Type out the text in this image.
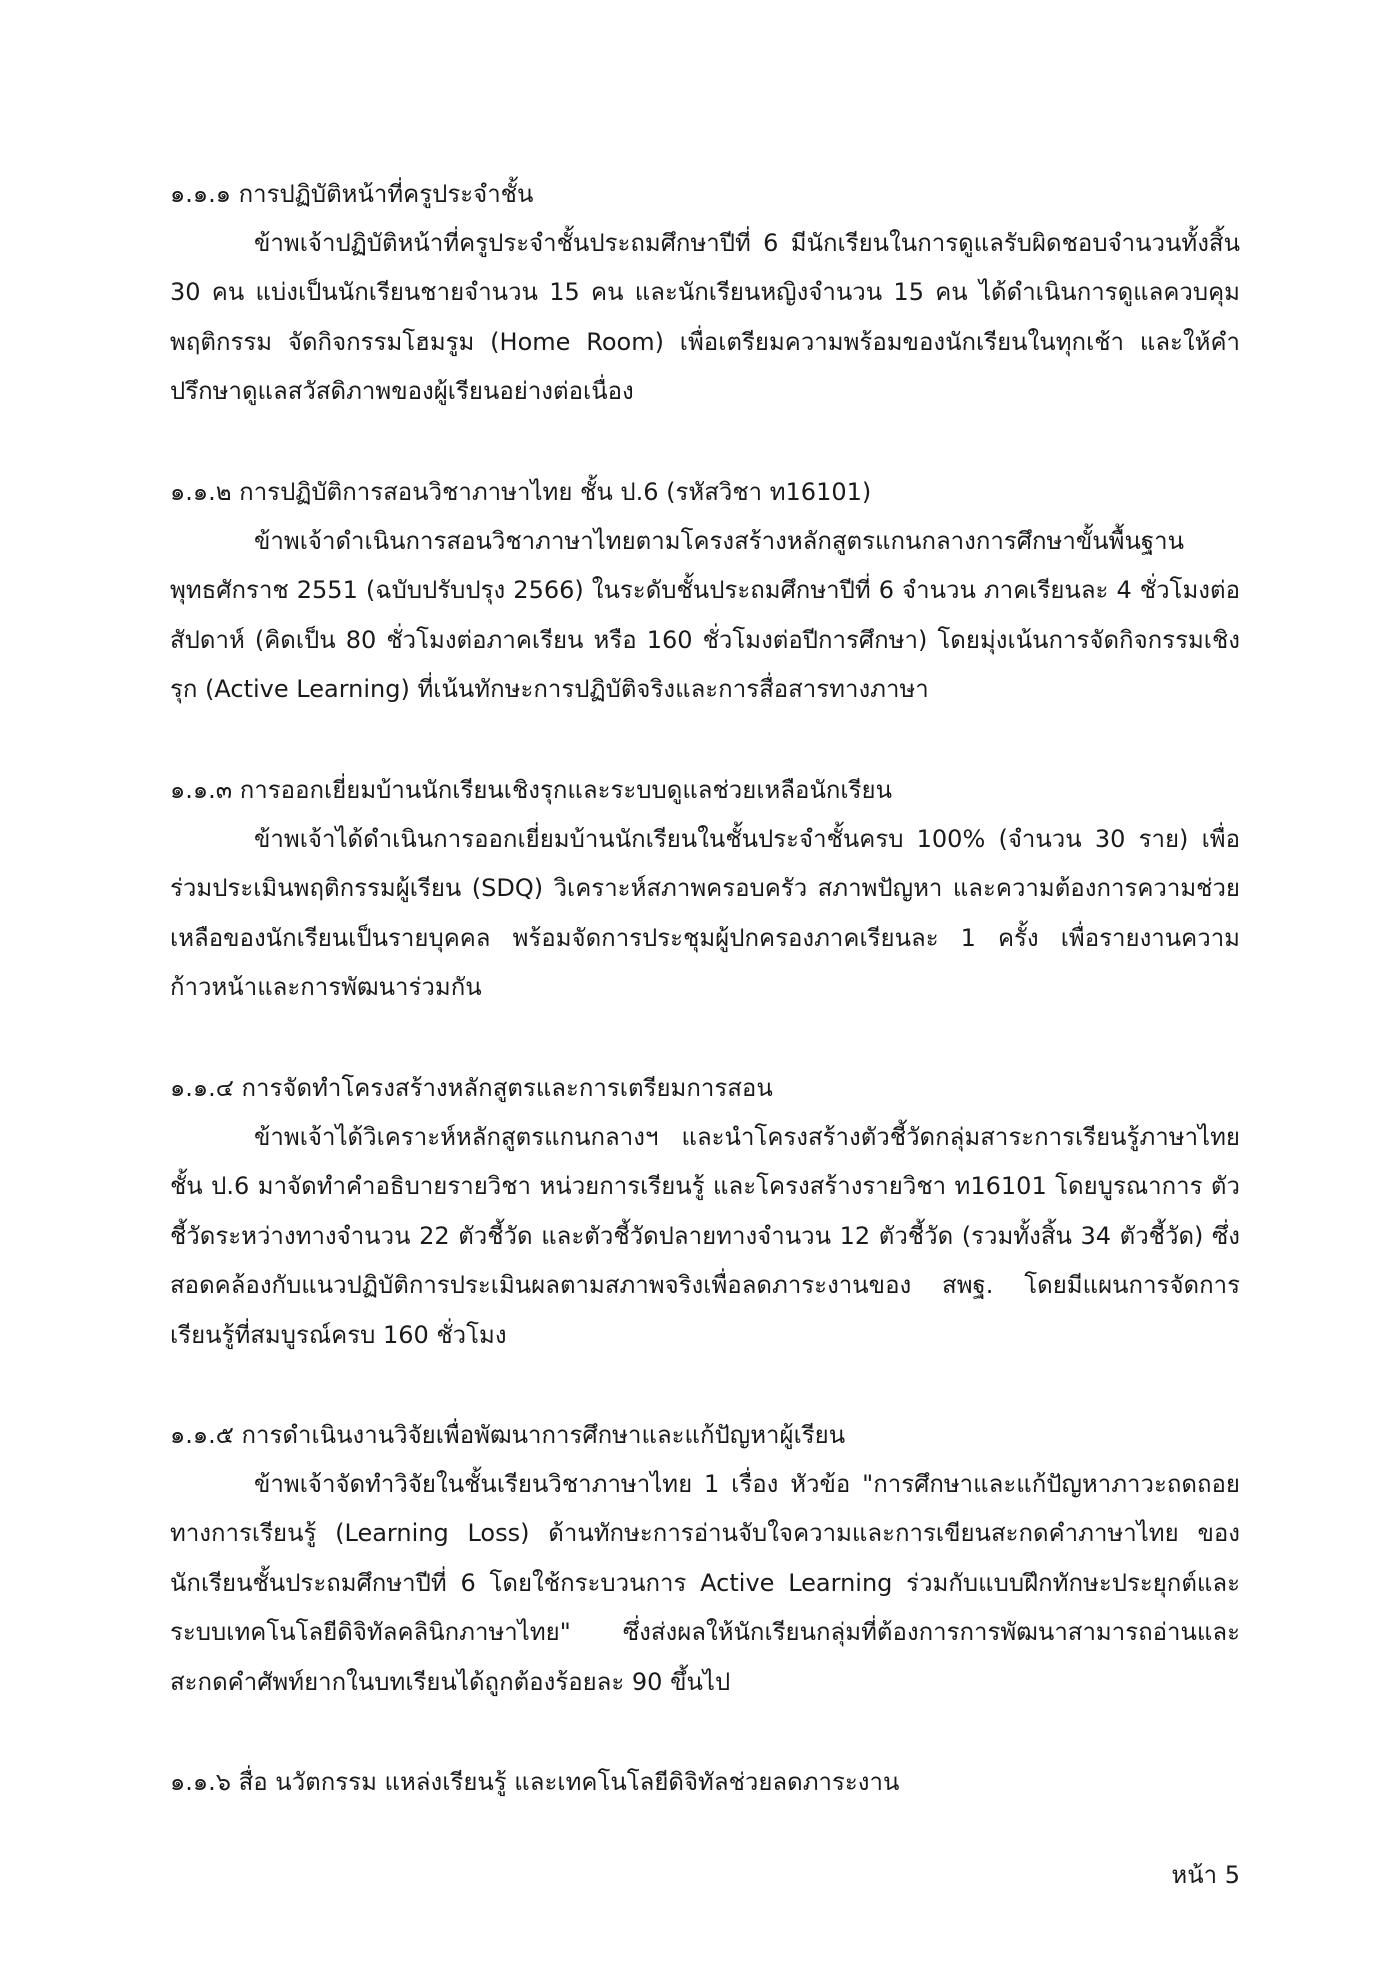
๑.๑.๑ การปฏิบัติหน้าที่ครูประจำชั้น

ข้าพเจ้าปฏิบัติหน้าที่ครูประจำชั้นประถมศึกษาปีที่ 6 มีนักเรียนในการดูแลรับผิดชอบจำนวนทั้งสิ้น 30 คน แบ่งเป็นนักเรียนชายจำนวน 15 คน และนักเรียนหญิงจำนวน 15 คน ได้ดำเนินการดูแลควบคุมพฤติกรรม จัดกิจกรรมโฮมรูม (Home Room) เพื่อเตรียมความพร้อมของนักเรียนในทุกเช้า และให้คำปรึกษาดูแลสวัสดิภาพของผู้เรียนอย่างต่อเนื่อง

๑.๑.๒ การปฏิบัติการสอนวิชาภาษาไทย ชั้น ป.6 (รหัสวิชา ท16101)

ข้าพเจ้าดำเนินการสอนวิชาภาษาไทยตามโครงสร้างหลักสูตรแกนกลางการศึกษาขั้นพื้นฐาน พุทธศักราช 2551 (ฉบับปรับปรุง 2566) ในระดับชั้นประถมศึกษาปีที่ 6 จำนวน ภาคเรียนละ 4 ชั่วโมงต่อสัปดาห์ (คิดเป็น 80 ชั่วโมงต่อภาคเรียน หรือ 160 ชั่วโมงต่อปีการศึกษา) โดยมุ่งเน้นการจัดกิจกรรมเชิงรุก (Active Learning) ที่เน้นทักษะการปฏิบัติจริงและการสื่อสารทางภาษา

๑.๑.๓ การออกเยี่ยมบ้านนักเรียนเชิงรุกและระบบดูแลช่วยเหลือนักเรียน

ข้าพเจ้าได้ดำเนินการออกเยี่ยมบ้านนักเรียนในชั้นประจำชั้นครบ 100% (จำนวน 30 ราย) เพื่อร่วมประเมินพฤติกรรมผู้เรียน (SDQ) วิเคราะห์สภาพครอบครัว สภาพปัญหา และความต้องการความช่วยเหลือของนักเรียนเป็นรายบุคคล พร้อมจัดการประชุมผู้ปกครองภาคเรียนละ 1 ครั้ง เพื่อรายงานความก้าวหน้าและการพัฒนาร่วมกัน

๑.๑.๔ การจัดทำโครงสร้างหลักสูตรและการเตรียมการสอน

ข้าพเจ้าได้วิเคราะห์หลักสูตรแกนกลางฯ และนำโครงสร้างตัวชี้วัดกลุ่มสาระการเรียนรู้ภาษาไทย ชั้น ป.6 มาจัดทำคำอธิบายรายวิชา หน่วยการเรียนรู้ และโครงสร้างรายวิชา ท16101 โดยบูรณาการ ตัวชี้วัดระหว่างทางจำนวน 22 ตัวชี้วัด และตัวชี้วัดปลายทางจำนวน 12 ตัวชี้วัด (รวมทั้งสิ้น 34 ตัวชี้วัด) ซึ่งสอดคล้องกับแนวปฏิบัติการประเมินผลตามสภาพจริงเพื่อลดภาระงานของ สพฐ. โดยมีแผนการจัดการเรียนรู้ที่สมบูรณ์ครบ 160 ชั่วโมง

๑.๑.๕ การดำเนินงานวิจัยเพื่อพัฒนาการศึกษาและแก้ปัญหาผู้เรียน

ข้าพเจ้าจัดทำวิจัยในชั้นเรียนวิชาภาษาไทย 1 เรื่อง หัวข้อ "การศึกษาและแก้ปัญหาภาวะถดถอยทางการเรียนรู้ (Learning Loss) ด้านทักษะการอ่านจับใจความและการเขียนสะกดคำภาษาไทย ของนักเรียนชั้นประถมศึกษาปีที่ 6 โดยใช้กระบวนการ Active Learning ร่วมกับแบบฝึกทักษะประยุกต์และระบบเทคโนโลยีดิจิทัลคลินิกภาษาไทย" ซึ่งส่งผลให้นักเรียนกลุ่มที่ต้องการการพัฒนาสามารถอ่านและสะกดคำศัพท์ยากในบทเรียนได้ถูกต้องร้อยละ 90 ขึ้นไป

๑.๑.๖ สื่อ นวัตกรรม แหล่งเรียนรู้ และเทคโนโลยีดิจิทัลช่วยลดภาระงาน

หน้า 5
